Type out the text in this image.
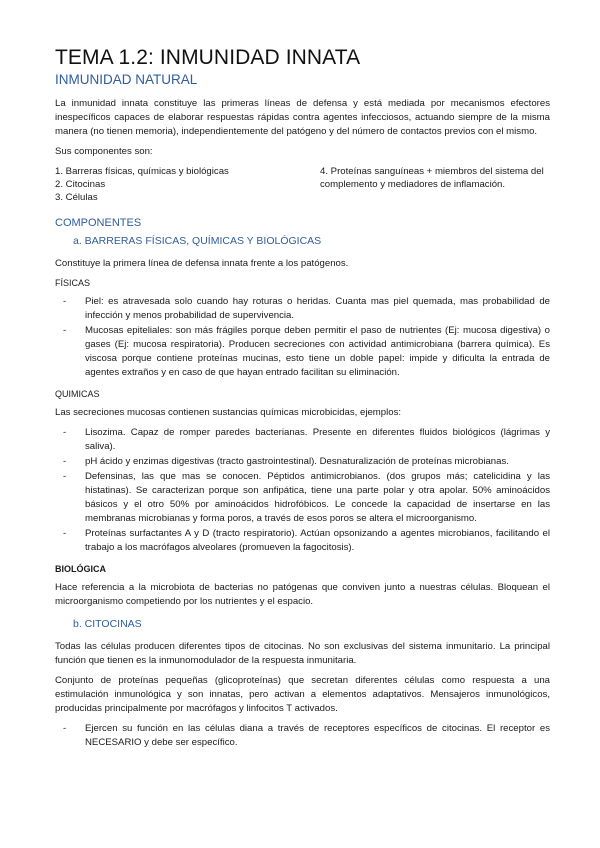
TEMA 1.2: INMUNIDAD INNATA
INMUNIDAD NATURAL

La inmunidad innata constituye las primeras líneas de defensa y está mediada por mecanismos efectores inespecíficos capaces de elaborar respuestas rápidas contra agentes infecciosos, actuando siempre de la misma manera (no tienen memoria), independientemente del patógeno y del número de contactos previos con el mismo.

Sus componentes son:

1. Barreras físicas, químicas y biológicas
2. Citocinas
3. Células
4. Proteínas sanguíneas + miembros del sistema del complemento y mediadores de inflamación.
COMPONENTES
a. BARRERAS FÍSICAS, QUÍMICAS Y BIOLÓGICAS

Constituye la primera línea de defensa innata frente a los patógenos.

FÍSICAS
- Piel: es atravesada solo cuando hay roturas o heridas. Cuanta mas piel quemada, mas probabilidad de infección y menos probabilidad de supervivencia.
- Mucosas epiteliales: son más frágiles porque deben permitir el paso de nutrientes (Ej: mucosa digestiva) o gases (Ej: mucosa respiratoria). Producen secreciones con actividad antimicrobiana (barrera química). Es viscosa porque contiene proteínas mucinas, esto tiene un doble papel: impide y dificulta la entrada de agentes extraños y en caso de que hayan entrado facilitan su eliminación.
QUIMICAS

Las secreciones mucosas contienen sustancias químicas microbicidas, ejemplos:

- Lisozima. Capaz de romper paredes bacterianas. Presente en diferentes fluidos biológicos (lágrimas y saliva).
- pH ácido y enzimas digestivas (tracto gastrointestinal). Desnaturalización de proteínas microbianas.
- Defensinas, las que mas se conocen. Péptidos antimicrobianos. (dos grupos más; catelicidina y las histatinas). Se caracterizan porque son anfipática, tiene una parte polar y otra apolar. 50% aminoácidos básicos y el otro 50% por aminoácidos hidrofóbicos. Le concede la capacidad de insertarse en las membranas microbianas y forma poros, a través de esos poros se altera el microorganismo.
- Proteínas surfactantes A y D (tracto respiratorio). Actúan opsonizando a agentes microbianos, facilitando el trabajo a los macrófagos alveolares (promueven la fagocitosis).
BIOLÓGICA

Hace referencia a la microbiota de bacterias no patógenas que conviven junto a nuestras células. Bloquean el microorganismo competiendo por los nutrientes y el espacio.

b. CITOCINAS

Todas las células producen diferentes tipos de citocinas. No son exclusivas del sistema inmunitario. La principal función que tienen es la inmunomodulador de la respuesta inmunitaria.

Conjunto de proteínas pequeñas (glicoproteínas) que secretan diferentes células como respuesta a una estimulación inmunológica y son innatas, pero activan a elementos adaptativos. Mensajeros inmunológicos, producidas principalmente por macrófagos y linfocitos T activados.

- Ejercen su función en las células diana a través de receptores específicos de citocinas. El receptor es NECESARIO y debe ser específico.
